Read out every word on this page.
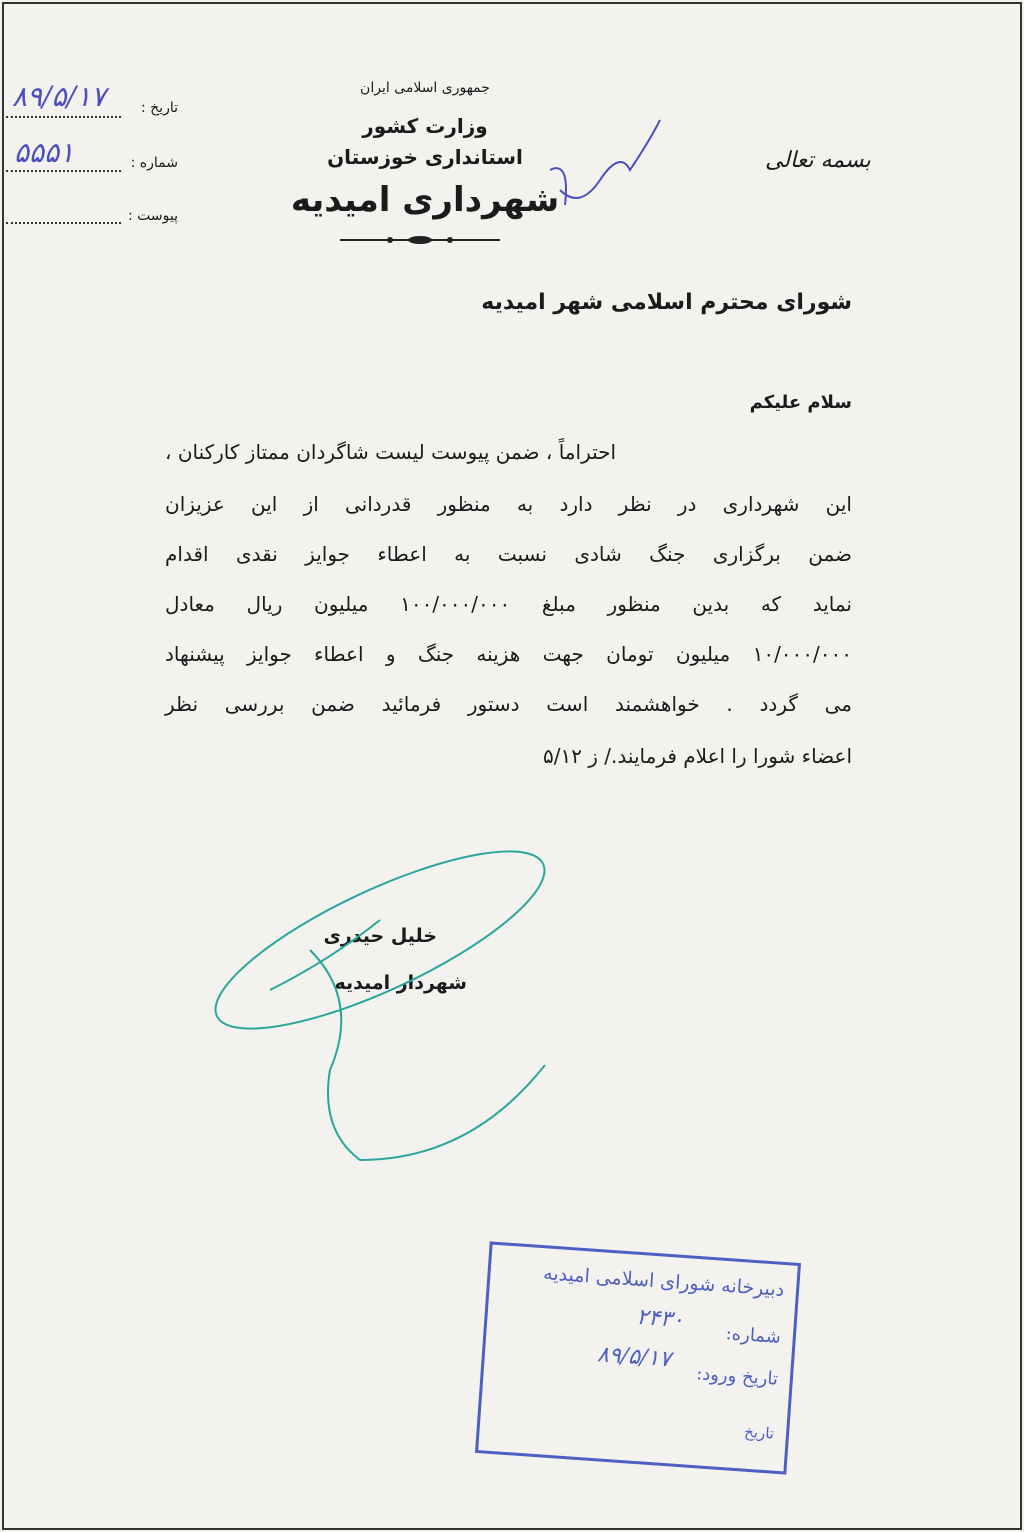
جمهوری اسلامی ایران
وزارت کشور
استانداری خوزستان
شهرداری امیدیه
بسمه تعالی
تاریخ :
۸۹/۵/۱۷
شماره :
۵۵۵۱
پیوست :
شورای محترم اسلامی شهر امیدیه
سلام علیکم
احتراماً ، ضمن پیوست لیست شاگردان ممتاز کارکنان ،
این شهرداری در نظر دارد به منظور قدردانی از این عزیزان
ضمن برگزاری جنگ شادی نسبت به اعطاء جوایز نقدی اقدام
نماید که بدین منظور مبلغ ۱۰۰/۰۰۰/۰۰۰ میلیون ریال معادل
۱۰/۰۰۰/۰۰۰ میلیون تومان جهت هزینه جنگ و اعطاء جوایز پیشنهاد
می گردد . خواهشمند است دستور فرمائید ضمن بررسی نظر
اعضاء شورا را اعلام فرمایند./ ز ۵/۱۲
خلیل حیدری
شهردار امیدیه
دبیرخانه شورای اسلامی امیدیه
شماره:
۲۴۳۰
تاریخ ورود:
۸۹/۵/۱۷
تاریخ
